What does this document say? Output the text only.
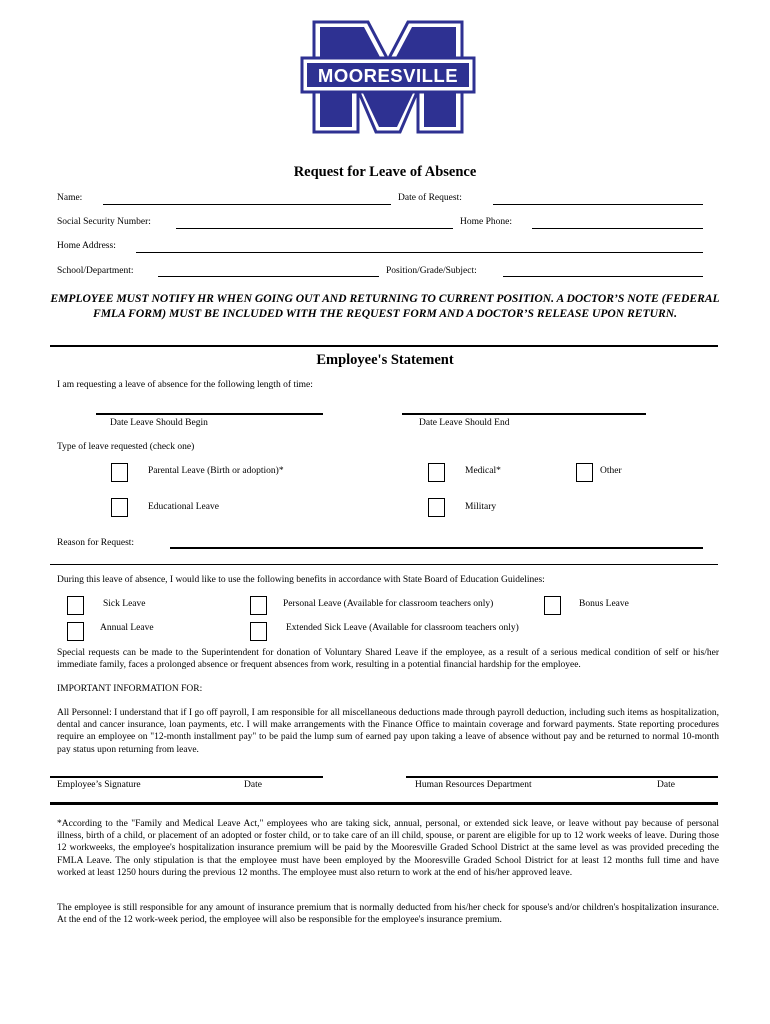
MOORESVILLE
Request for Leave of Absence
Name:	Date of Request:
Social Security Number:	Home Phone:
Home Address:
School/Department:	Position/Grade/Subject:
EMPLOYEE MUST NOTIFY HR WHEN GOING OUT AND RETURNING TO CURRENT POSITION. A DOCTOR’S NOTE (FEDERAL FMLA FORM) MUST BE INCLUDED WITH THE REQUEST FORM AND A DOCTOR’S RELEASE UPON RETURN.
Employee's Statement
I am requesting a leave of absence for the following length of time:
Date Leave Should Begin	Date Leave Should End
Type of leave requested (check one)
Parental Leave (Birth or adoption)*	Medical*	Other
Educational Leave	Military
Reason for Request:
During this leave of absence, I would like to use the following benefits in accordance with State Board of Education Guidelines:
Sick Leave	Personal Leave (Available for classroom teachers only)	Bonus Leave
Annual Leave	Extended Sick Leave (Available for classroom teachers only)
Special requests can be made to the Superintendent for donation of Voluntary Shared Leave if the employee, as a result of a serious medical condition of self or his/her immediate family, faces a prolonged absence or frequent absences from work, resulting in a potential financial hardship for the employee.
IMPORTANT INFORMATION FOR:
All Personnel: I understand that if I go off payroll, I am responsible for all miscellaneous deductions made through payroll deduction, including such items as hospitalization, dental and cancer insurance, loan payments, etc. I will make arrangements with the Finance Office to maintain coverage and forward payments. State reporting procedures require an employee on "12-month installment pay" to be paid the lump sum of earned pay upon taking a leave of absence without pay and be returned to normal 10-month pay status upon returning from leave.
Employee’s Signature	Date	Human Resources Department	Date
*According to the "Family and Medical Leave Act," employees who are taking sick, annual, personal, or extended sick leave, or leave without pay because of personal illness, birth of a child, or placement of an adopted or foster child, or to take care of an ill child, spouse, or parent are eligible for up to 12 work weeks of leave. During those 12 workweeks, the employee's hospitalization insurance premium will be paid by the Mooresville Graded School District at the same level as was provided preceding the FMLA Leave. The only stipulation is that the employee must have been employed by the Mooresville Graded School District for at least 12 months full time and have worked at least 1250 hours during the previous 12 months. The employee must also return to work at the end of his/her approved leave.
The employee is still responsible for any amount of insurance premium that is normally deducted from his/her check for spouse's and/or children's hospitalization insurance. At the end of the 12 work-week period, the employee will also be responsible for the employee's insurance premium.
